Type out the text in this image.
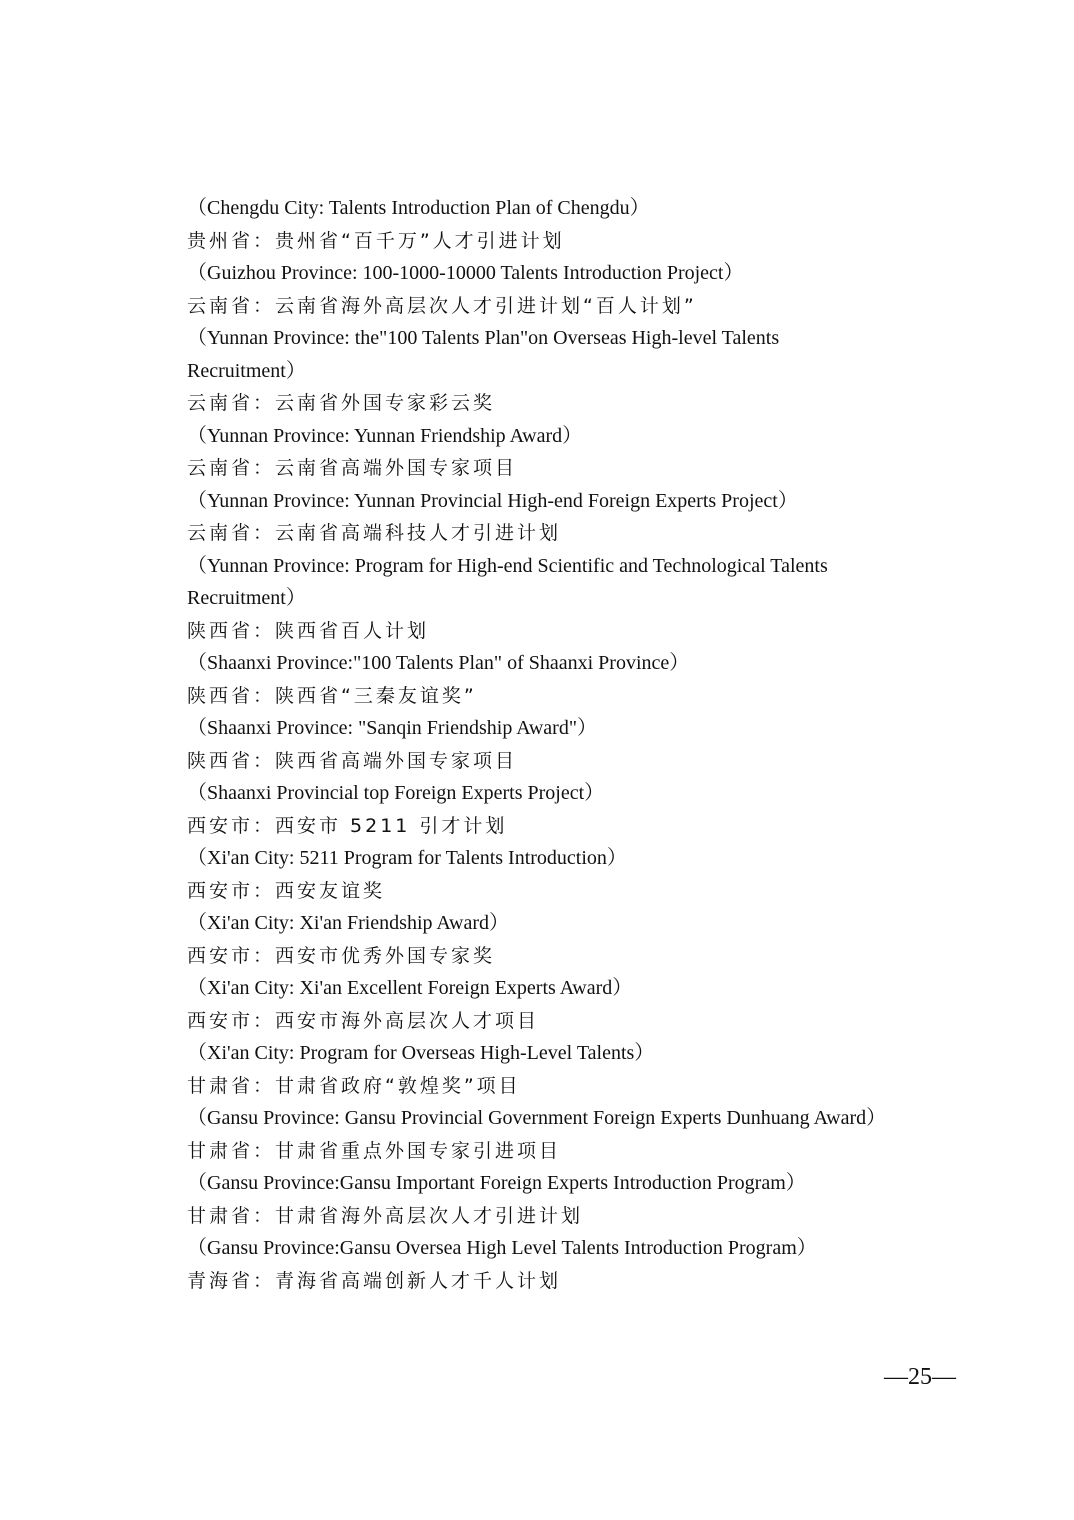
（Chengdu City: Talents Introduction Plan of Chengdu）
贵州省：贵州省“百千万”人才引进计划
（Guizhou Province: 100-1000-10000 Talents Introduction Project）
云南省：云南省海外高层次人才引进计划“百人计划”
（Yunnan Province: the"100 Talents Plan"on Overseas High-level Talents
Recruitment）
云南省：云南省外国专家彩云奖
（Yunnan Province: Yunnan Friendship Award）
云南省：云南省高端外国专家项目
（Yunnan Province: Yunnan Provincial High-end Foreign Experts Project）
云南省：云南省高端科技人才引进计划
（Yunnan Province: Program for High-end Scientific and Technological Talents
Recruitment）
陕西省：陕西省百人计划
（Shaanxi Province:"100 Talents Plan" of Shaanxi Province）
陕西省：陕西省“三秦友谊奖”
（Shaanxi Province: "Sanqin Friendship Award"）
陕西省：陕西省高端外国专家项目
（Shaanxi Provincial top Foreign Experts Project）
西安市：西安市 5211 引才计划
（Xi'an City: 5211 Program for Talents Introduction）
西安市：西安友谊奖
（Xi'an City: Xi'an Friendship Award）
西安市：西安市优秀外国专家奖
（Xi'an City: Xi'an Excellent Foreign Experts Award）
西安市：西安市海外高层次人才项目
（Xi'an City: Program for Overseas High-Level Talents）
甘肃省：甘肃省政府“敦煌奖”项目
（Gansu Province: Gansu Provincial Government Foreign Experts Dunhuang Award）
甘肃省：甘肃省重点外国专家引进项目
（Gansu Province:Gansu Important Foreign Experts Introduction Program）
甘肃省：甘肃省海外高层次人才引进计划
（Gansu Province:Gansu Oversea High Level Talents Introduction Program）
青海省：青海省高端创新人才千人计划
—25—
